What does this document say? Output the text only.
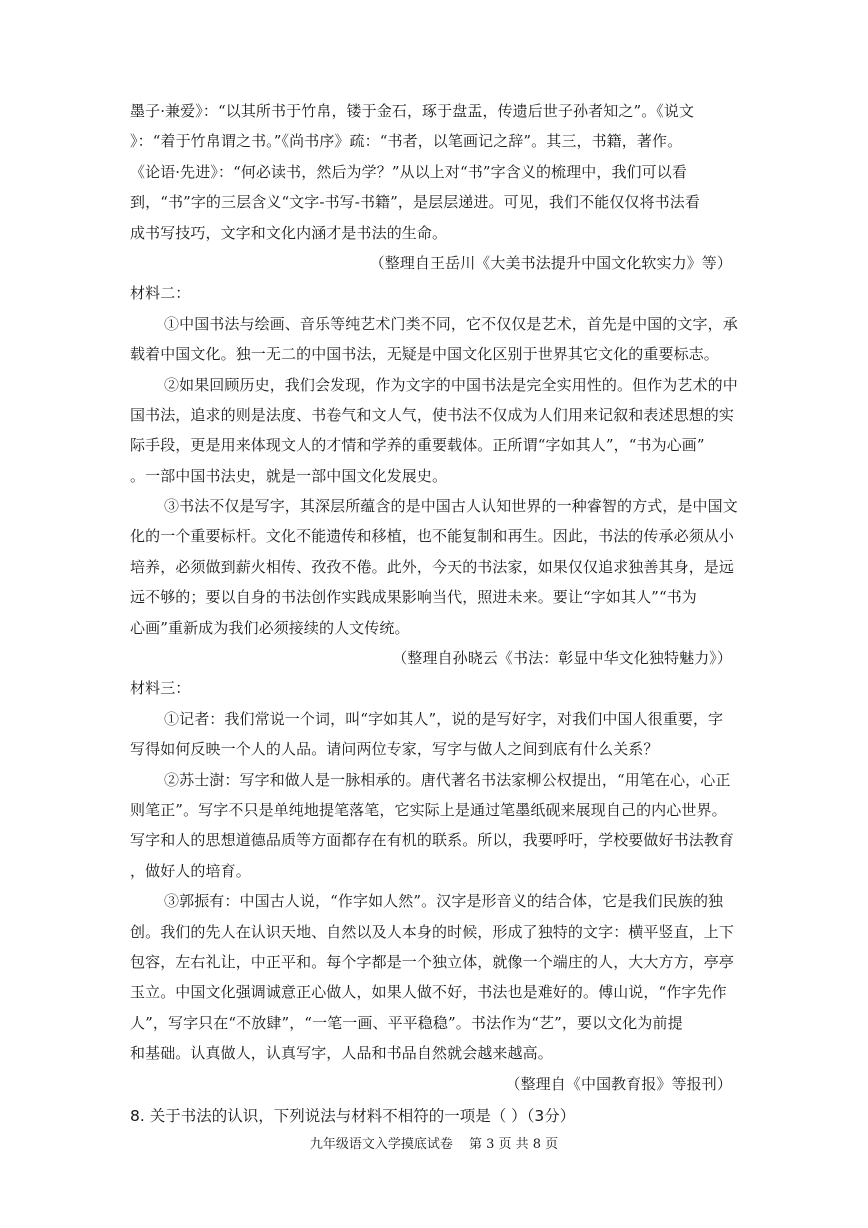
墨子·兼爱》：“以其所书于竹帛，镂于金石，琢于盘盂，传遗后世子孙者知之”。《说文
》：“着于竹帛谓之书。”《尚书序》疏：“书者，以笔画记之辞”。其三，书籍，著作。
《论语·先进》：“何必读书，然后为学？”从以上对“书”字含义的梳理中，我们可以看
到，“书”字的三层含义“文字-书写-书籍”，是层层递进。可见，我们不能仅仅将书法看
成书写技巧，文字和文化内涵才是书法的生命。
（整理自王岳川《大美书法提升中国文化软实力》等）
材料二：
①中国书法与绘画、音乐等纯艺术门类不同，它不仅仅是艺术，首先是中国的文字，承
载着中国文化。独一无二的中国书法，无疑是中国文化区别于世界其它文化的重要标志。
②如果回顾历史，我们会发现，作为文字的中国书法是完全实用性的。但作为艺术的中
国书法，追求的则是法度、书卷气和文人气，使书法不仅成为人们用来记叙和表述思想的实
际手段，更是用来体现文人的才情和学养的重要载体。正所谓“字如其人”，“书为心画”
。一部中国书法史，就是一部中国文化发展史。
③书法不仅是写字，其深层所蕴含的是中国古人认知世界的一种睿智的方式，是中国文
化的一个重要标杆。文化不能遗传和移植，也不能复制和再生。因此，书法的传承必须从小
培养，必须做到薪火相传、孜孜不倦。此外，今天的书法家，如果仅仅追求独善其身，是远
远不够的；要以自身的书法创作实践成果影响当代，照进未来。要让“字如其人”“书为
心画”重新成为我们必须接续的人文传统。
（整理自孙晓云《书法：彰显中华文化独特魅力》）
材料三：
①记者：我们常说一个词，叫“字如其人”，说的是写好字，对我们中国人很重要，字
写得如何反映一个人的人品。请问两位专家，写字与做人之间到底有什么关系？
②苏士澍：写字和做人是一脉相承的。唐代著名书法家柳公权提出，“用笔在心，心正
则笔正”。写字不只是单纯地提笔落笔，它实际上是通过笔墨纸砚来展现自己的内心世界。
写字和人的思想道德品质等方面都存在有机的联系。所以，我要呼吁，学校要做好书法教育
，做好人的培育。
③郭振有：中国古人说，“作字如人然”。汉字是形音义的结合体，它是我们民族的独
创。我们的先人在认识天地、自然以及人本身的时候，形成了独特的文字：横平竖直，上下
包容，左右礼让，中正平和。每个字都是一个独立体，就像一个端庄的人，大大方方，亭亭
玉立。中国文化强调诚意正心做人，如果人做不好，书法也是难好的。傅山说，“作字先作
人”，写字只在“不放肆”，“一笔一画、平平稳稳”。书法作为“艺”，要以文化为前提
和基础。认真做人，认真写字，人品和书品自然就会越来越高。
（整理自《中国教育报》等报刊）
8. 关于书法的认识，下列说法与材料不相符的一项是（ ）（3分）
九年级语文入学摸底试卷 第 3 页 共 8 页
